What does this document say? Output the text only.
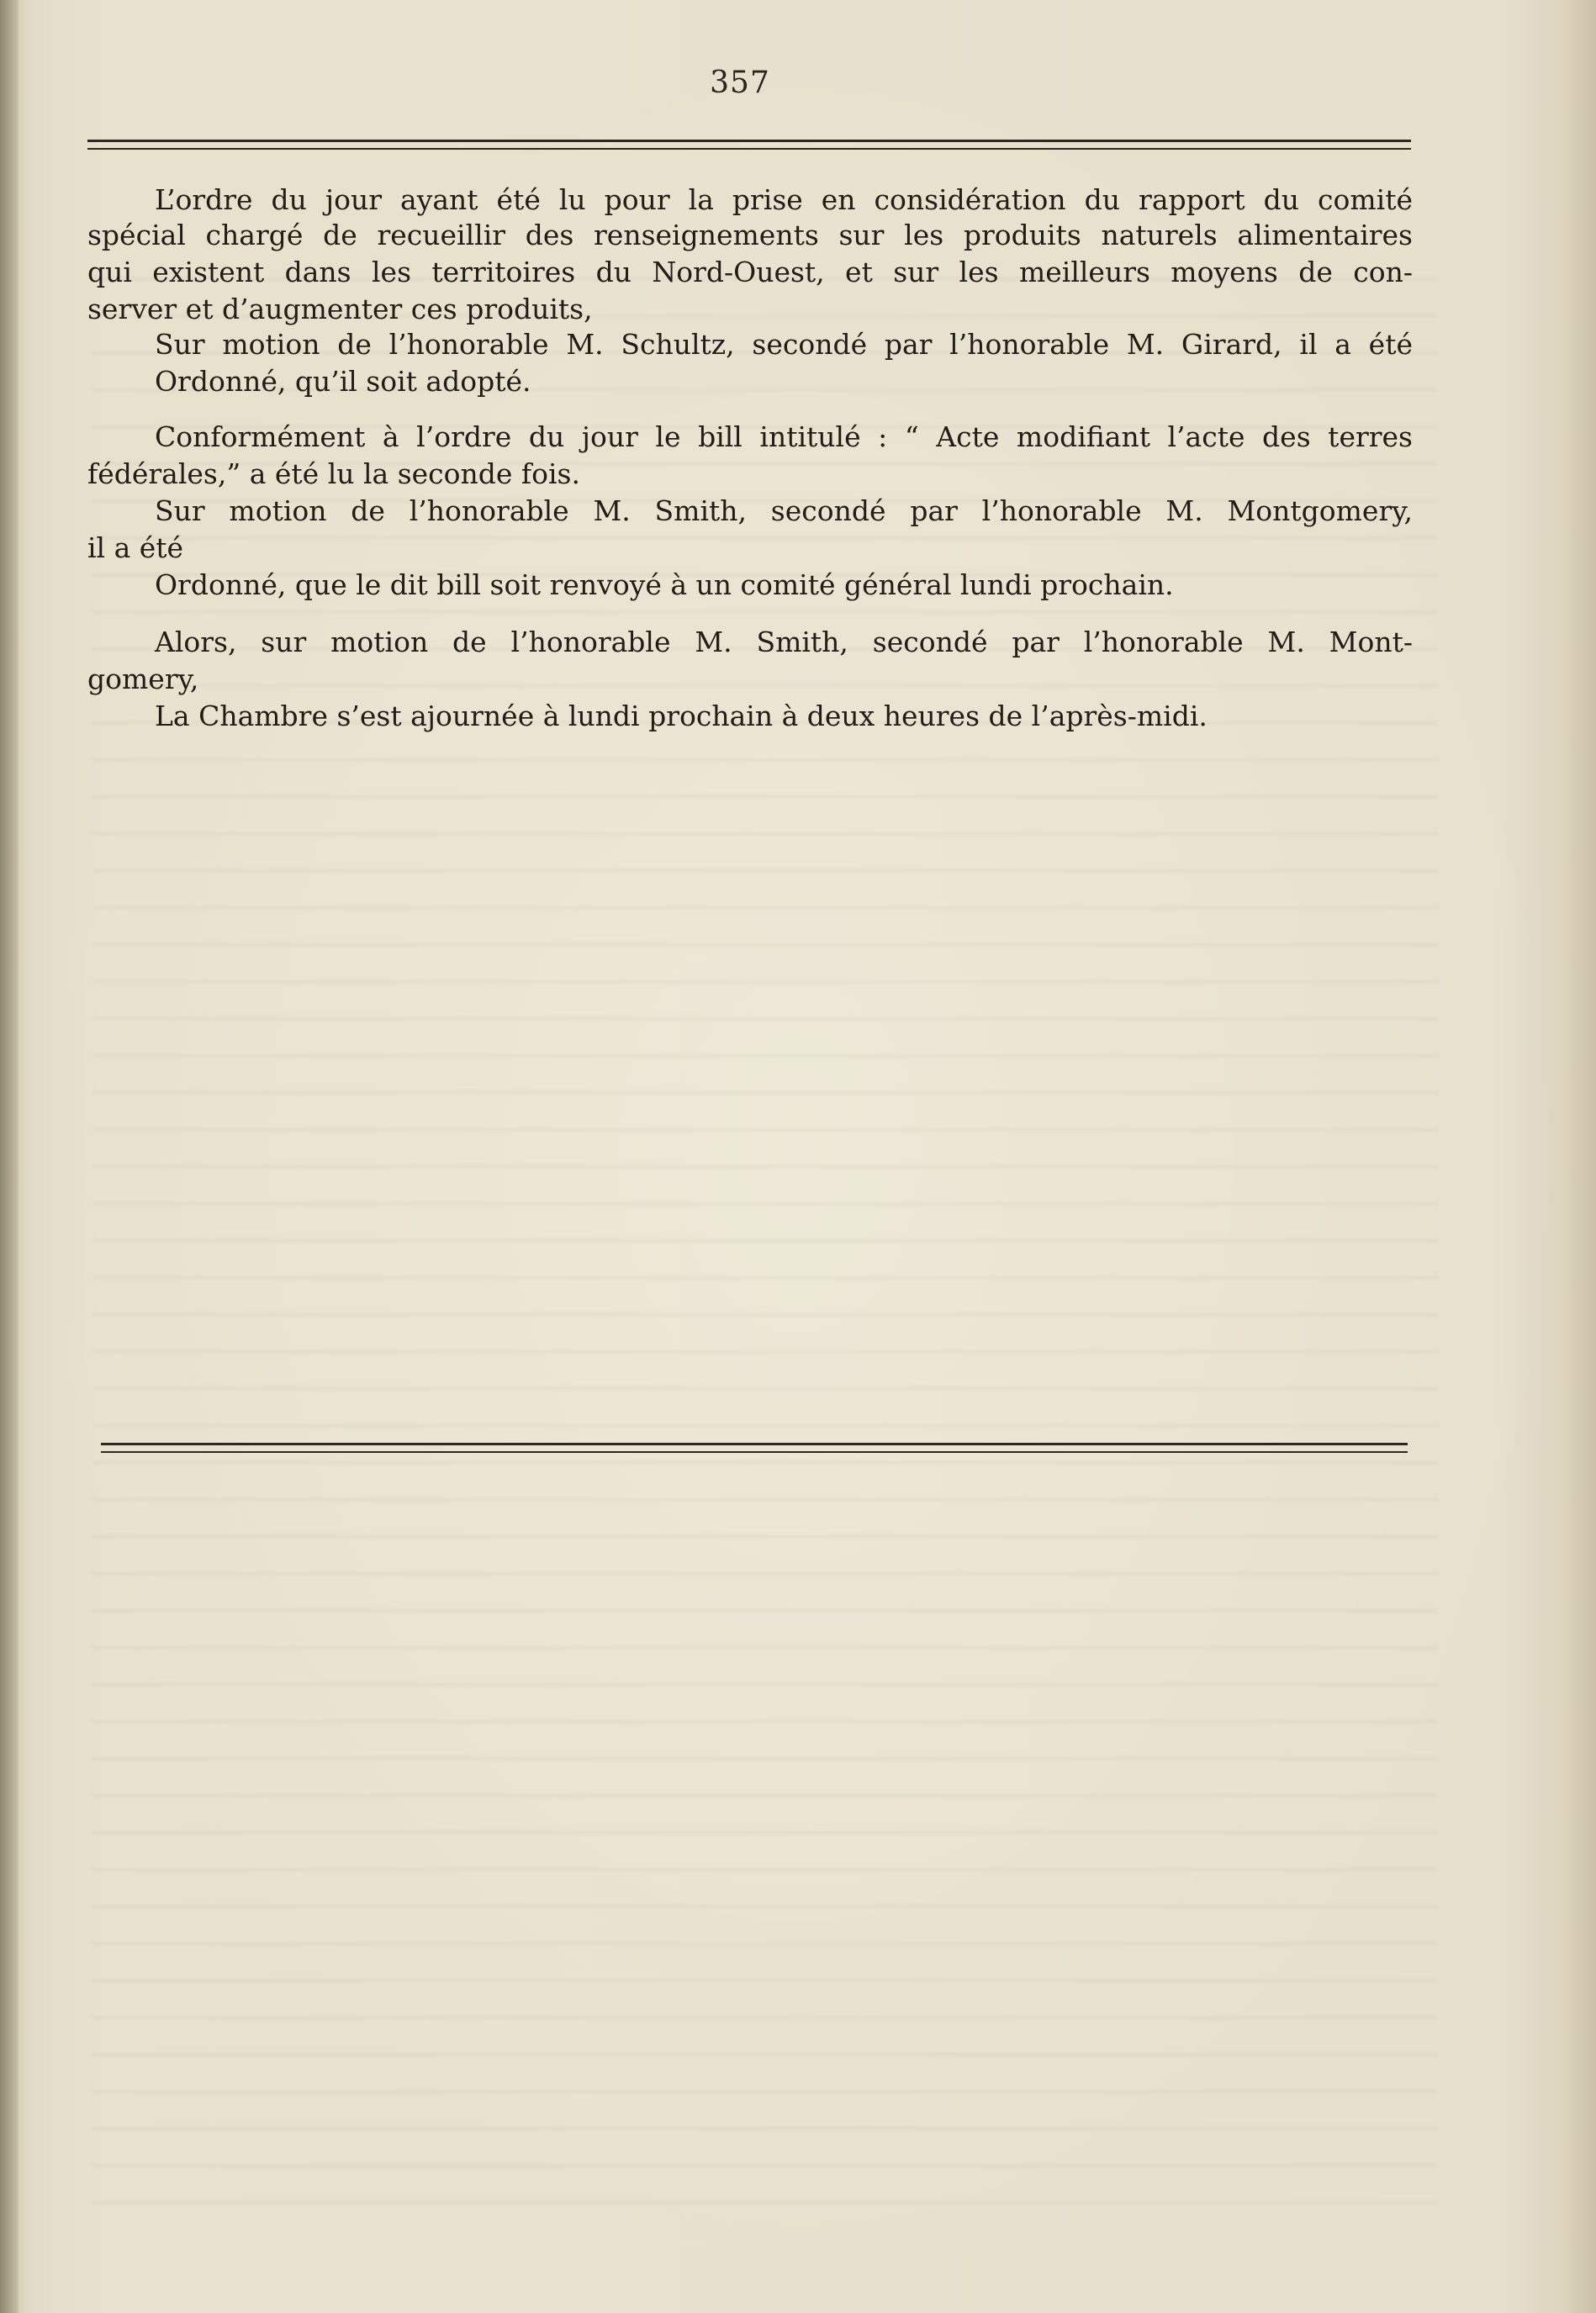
357
L’ordre du jour ayant été lu pour la prise en considération du rapport du comité
spécial chargé de recueillir des renseignements sur les produits naturels alimentaires
qui existent dans les territoires du Nord-Ouest, et sur les meilleurs moyens de con-
server et d’augmenter ces produits,
Sur motion de l’honorable M. Schultz, secondé par l’honorable M. Girard, il a été
Ordonné, qu’il soit adopté.
Conformément à l’ordre du jour le bill intitulé : “ Acte modifiant l’acte des terres
fédérales,” a été lu la seconde fois.
Sur motion de l’honorable M. Smith, secondé par l’honorable M. Montgomery,
il a été
Ordonné, que le dit bill soit renvoyé à un comité général lundi prochain.
Alors, sur motion de l’honorable M. Smith, secondé par l’honorable M. Mont-
gomery,
La Chambre s’est ajournée à lundi prochain à deux heures de l’après-midi.
